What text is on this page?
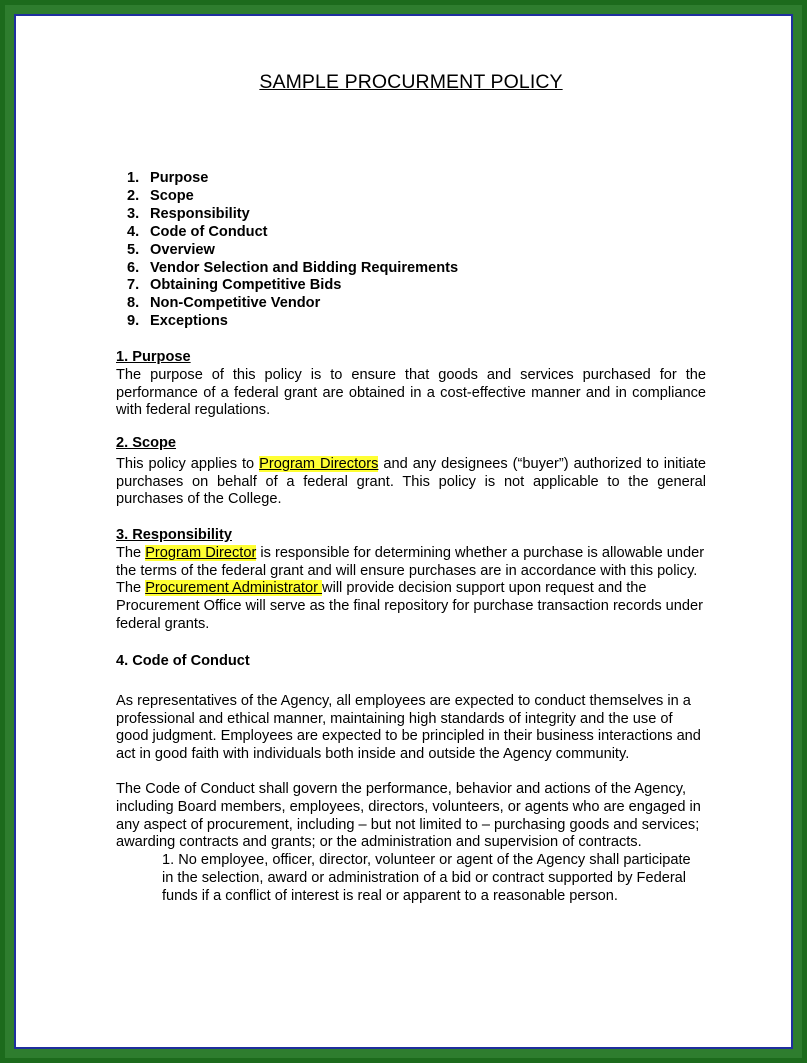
SAMPLE PROCURMENT POLICY
1. Purpose
2. Scope
3. Responsibility
4. Code of Conduct
5. Overview
6. Vendor Selection and Bidding Requirements
7. Obtaining Competitive Bids
8. Non-Competitive Vendor
9. Exceptions
1. Purpose
The purpose of this policy is to ensure that goods and services purchased for the performance of a federal grant are obtained in a cost-effective manner and in compliance with federal regulations.
2. Scope
This policy applies to Program Directors and any designees (“buyer”) authorized to initiate purchases on behalf of a federal grant. This policy is not applicable to the general purchases of the College.
3. Responsibility
The Program Director is responsible for determining whether a purchase is allowable under the terms of the federal grant and will ensure purchases are in accordance with this policy. The Procurement Administrator will provide decision support upon request and the Procurement Office will serve as the final repository for purchase transaction records under federal grants.
4. Code of Conduct
As representatives of the Agency, all employees are expected to conduct themselves in a professional and ethical manner, maintaining high standards of integrity and the use of good judgment. Employees are expected to be principled in their business interactions and act in good faith with individuals both inside and outside the Agency community.
The Code of Conduct shall govern the performance, behavior and actions of the Agency, including Board members, employees, directors, volunteers, or agents who are engaged in any aspect of procurement, including – but not limited to – purchasing goods and services; awarding contracts and grants; or the administration and supervision of contracts.
1. No employee, officer, director, volunteer or agent of the Agency shall participate in the selection, award or administration of a bid or contract supported by Federal funds if a conflict of interest is real or apparent to a reasonable person.
